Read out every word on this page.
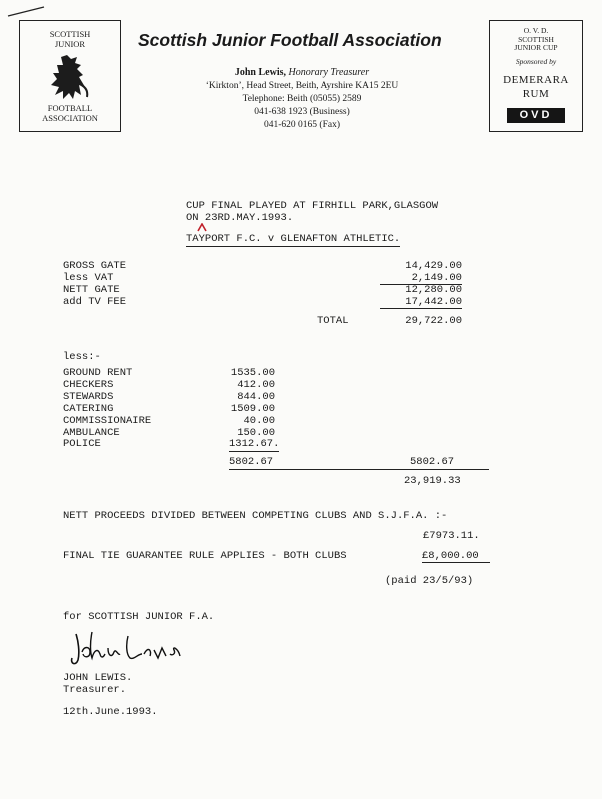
SCOTTISH
JUNIOR
FOOTBALL
ASSOCIATION
Scottish Junior Football Association
John Lewis, Honorary Treasurer
‘Kirkton’, Head Street, Beith, Ayrshire KA15 2EU
Telephone: Beith (05055) 2589
041-638 1923 (Business)
041-620 0165 (Fax)
O. V. D.
SCOTTISH
JUNIOR CUP
Sponsored by
DEMERARA
RUM
OVD
CUP FINAL PLAYED AT FIRHILL PARK,GLASGOW
ON 23RD.MAY.1993.
TAYPORT F.C. v GLENAFTON ATHLETIC.
GROSS GATE	14,429.00
less VAT	2,149.00
NETT GATE	12,280.00
add TV FEE	17,442.00
TOTAL	29,722.00
less:-
GROUND RENT	1535.00
CHECKERS	412.00
STEWARDS	844.00
CATERING	1509.00
COMMISSIONAIRE	40.00
AMBULANCE	150.00
POLICE	1312.67.
5802.67	5802.67
23,919.33
NETT PROCEEDS DIVIDED BETWEEN COMPETING CLUBS AND S.J.F.A. :-
£7973.11.
FINAL TIE GUARANTEE RULE APPLIES - BOTH CLUBS	£8,000.00
(paid 23/5/93)
for SCOTTISH JUNIOR F.A.
JOHN LEWIS.
Treasurer.
12th.June.1993.
